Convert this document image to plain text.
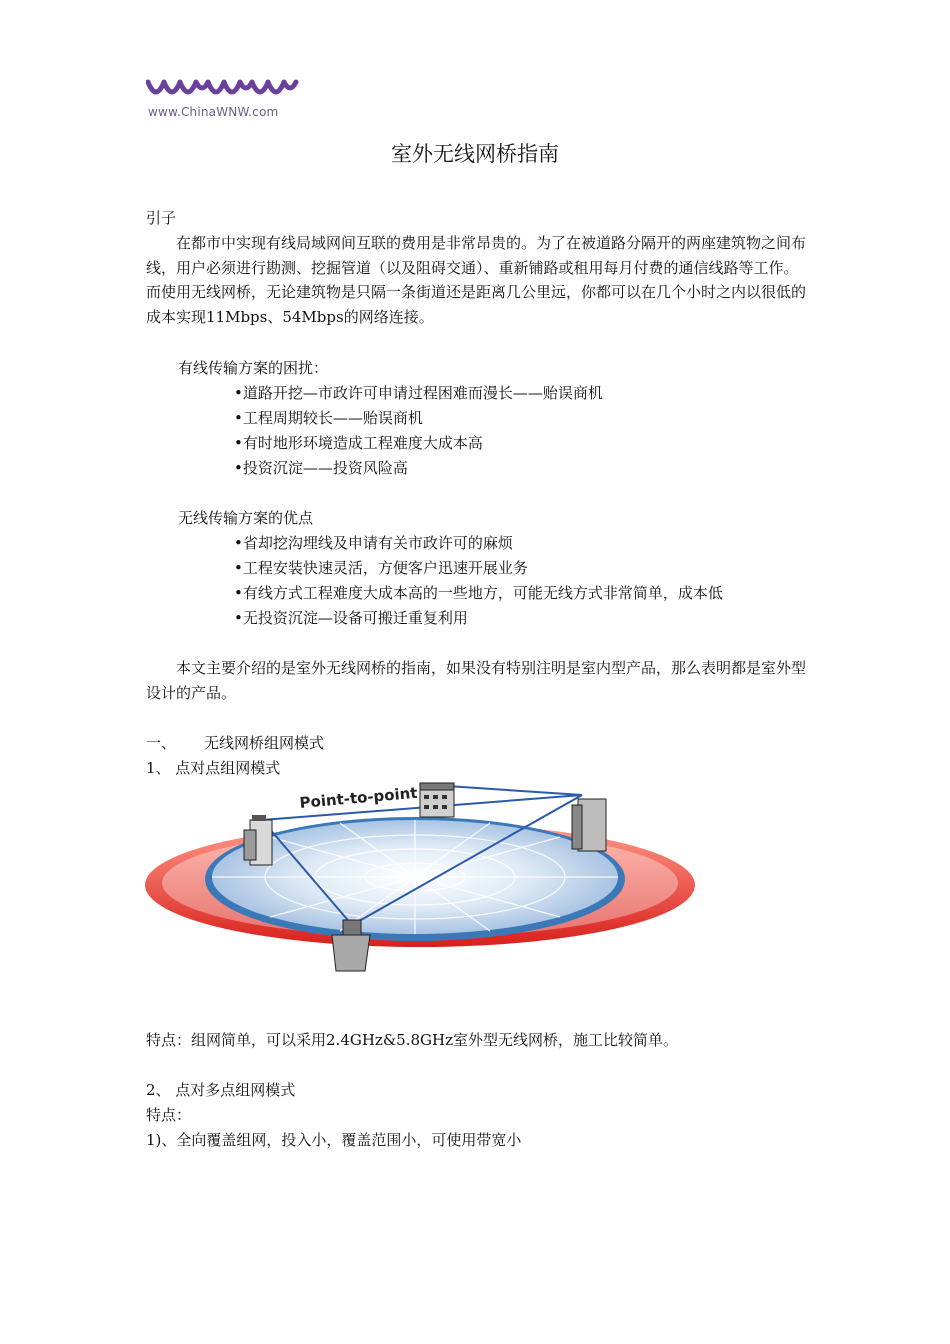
www.ChinaWNW.com
室外无线网桥指南
引子
在都市中实现有线局域网间互联的费用是非常昂贵的。为了在被道路分隔开的两座建筑物之间布线，用户必须进行勘测、挖掘管道（以及阻碍交通）、重新铺路或租用每月付费的通信线路等工作。而使用无线网桥，无论建筑物是只隔一条街道还是距离几公里远，你都可以在几个小时之内以很低的成本实现11Mbps、54Mbps的网络连接。
有线传输方案的困扰：
•道路开挖—市政许可申请过程困难而漫长——贻误商机
•工程周期较长——贻误商机
•有时地形环境造成工程难度大成本高
•投资沉淀——投资风险高
无线传输方案的优点
•省却挖沟埋线及申请有关市政许可的麻烦
•工程安装快速灵活，方便客户迅速开展业务
•有线方式工程难度大成本高的一些地方，可能无线方式非常简单，成本低
•无投资沉淀—设备可搬迁重复利用
本文主要介绍的是室外无线网桥的指南，如果没有特别注明是室内型产品，那么表明都是室外型设计的产品。
一、 无线网桥组网模式
1、 点对点组网模式
Point-to-point
特点：组网简单，可以采用2.4GHz&5.8GHz室外型无线网桥，施工比较简单。
2、 点对多点组网模式
特点：
1)、全向覆盖组网，投入小，覆盖范围小，可使用带宽小
